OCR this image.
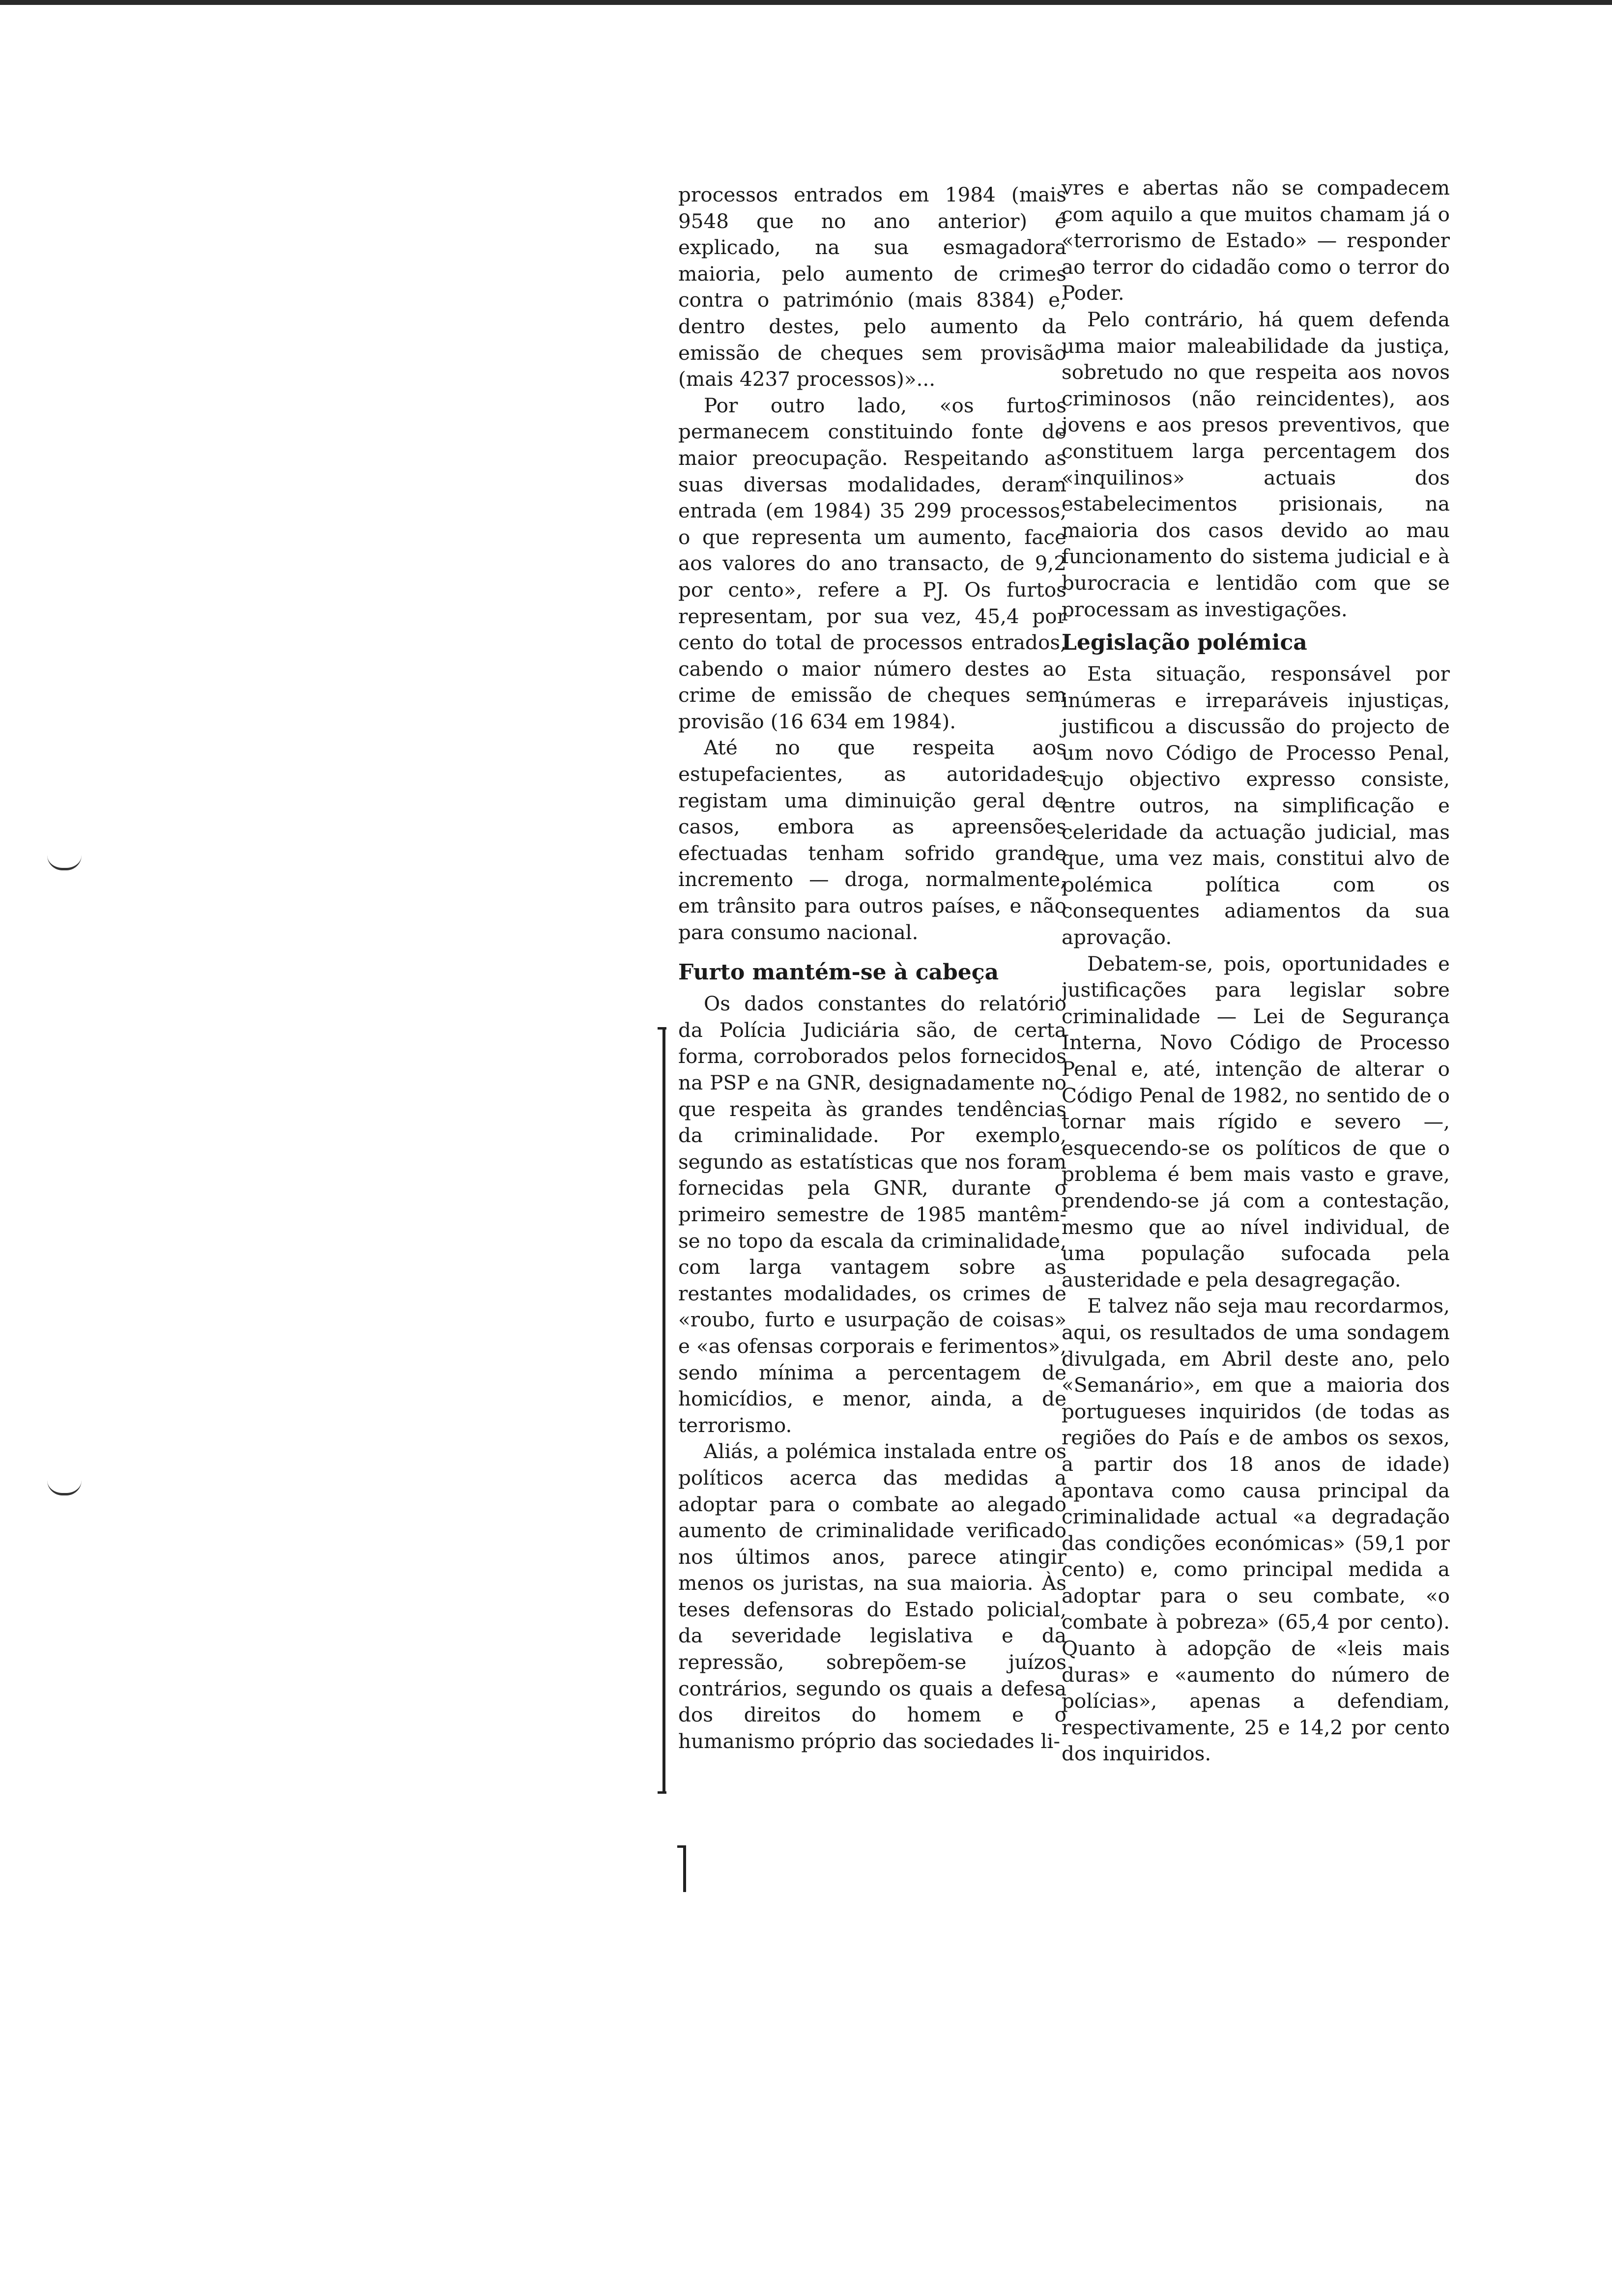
processos entrados em 1984 (mais 9548 que no ano anterior) é explicado, na sua esmagadora maioria, pelo aumento de crimes contra o património (mais 8384) e, dentro destes, pelo aumento da emissão de cheques sem provisão (mais 4237 processos)»...

Por outro lado, «os furtos permanecem constituindo fonte de maior preocupação. Respeitando as suas diversas modalidades, deram entrada (em 1984) 35 299 processos, o que representa um aumento, face aos valores do ano transacto, de 9,2 por cento», refere a PJ. Os furtos representam, por sua vez, 45,4 por cento do total de processos entrados, cabendo o maior número destes ao crime de emissão de cheques sem provisão (16 634 em 1984).

Até no que respeita aos estupefacientes, as autoridades registam uma diminuição geral de casos, embora as apreensões efectuadas tenham sofrido grande incremento — droga, normalmente, em trânsito para outros países, e não para consumo nacional.

Furto mantém-se à cabeça

Os dados constantes do relatório da Polícia Judiciária são, de certa forma, corroborados pelos fornecidos na PSP e na GNR, designadamente no que respeita às grandes tendências da criminalidade. Por exemplo, segundo as estatísticas que nos foram fornecidas pela GNR, durante o primeiro semestre de 1985 mantêm-se no topo da escala da criminalidade, com larga vantagem sobre as restantes modalidades, os crimes de «roubo, furto e usurpação de coisas» e «as ofensas corporais e ferimentos», sendo mínima a percentagem de homicídios, e menor, ainda, a de terrorismo.

Aliás, a polémica instalada entre os políticos acerca das medidas a adoptar para o combate ao alegado aumento de criminalidade verificado nos últimos anos, parece atingir menos os juristas, na sua maioria. Às teses defensoras do Estado policial, da severidade legislativa e da repressão, sobrepõem-se juízos contrários, segundo os quais a defesa dos direitos do homem e o humanismo próprio das sociedades li-

vres e abertas não se compadecem com aquilo a que muitos chamam já o «terrorismo de Estado» — responder ao terror do cidadão como o terror do Poder.

Pelo contrário, há quem defenda uma maior maleabilidade da justiça, sobretudo no que respeita aos novos criminosos (não reincidentes), aos jovens e aos presos preventivos, que constituem larga percentagem dos «inquilinos» actuais dos estabelecimentos prisionais, na maioria dos casos devido ao mau funcionamento do sistema judicial e à burocracia e lentidão com que se processam as investigações.

Legislação polémica

Esta situação, responsável por inúmeras e irreparáveis injustiças, justificou a discussão do projecto de um novo Código de Processo Penal, cujo objectivo expresso consiste, entre outros, na simplificação e celeridade da actuação judicial, mas que, uma vez mais, constitui alvo de polémica política com os consequentes adiamentos da sua aprovação.

Debatem-se, pois, oportunidades e justificações para legislar sobre criminalidade — Lei de Segurança Interna, Novo Código de Processo Penal e, até, intenção de alterar o Código Penal de 1982, no sentido de o tornar mais rígido e severo —, esquecendo-se os políticos de que o problema é bem mais vasto e grave, prendendo-se já com a contestação, mesmo que ao nível individual, de uma população sufocada pela austeridade e pela desagregação.

E talvez não seja mau recordarmos, aqui, os resultados de uma sondagem divulgada, em Abril deste ano, pelo «Semanário», em que a maioria dos portugueses inquiridos (de todas as regiões do País e de ambos os sexos, a partir dos 18 anos de idade) apontava como causa principal da criminalidade actual «a degradação das condições económicas» (59,1 por cento) e, como principal medida a adoptar para o seu combate, «o combate à pobreza» (65,4 por cento). Quanto à adopção de «leis mais duras» e «aumento do número de polícias», apenas a defendiam, respectivamente, 25 e 14,2 por cento dos inquiridos.
